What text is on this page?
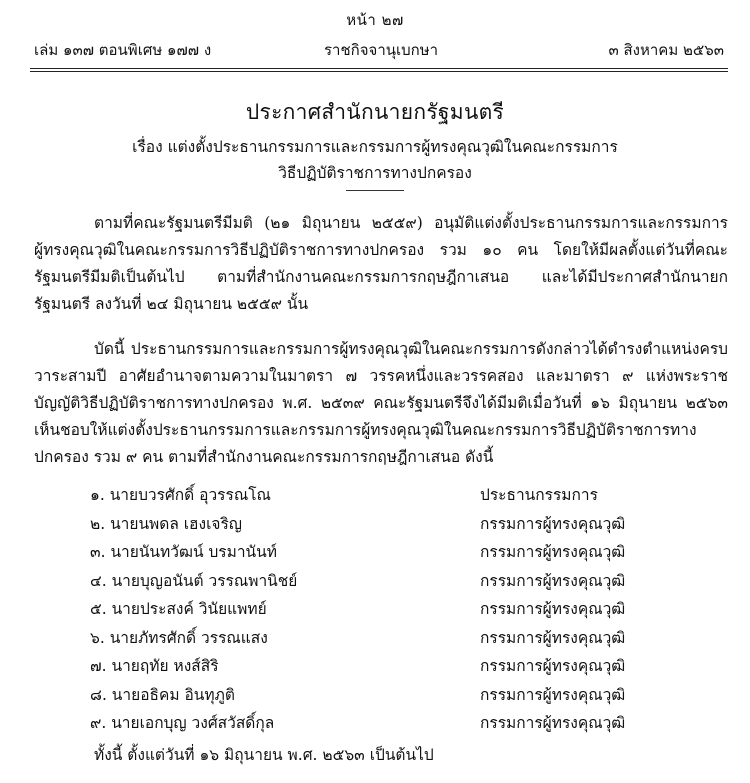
หน้า ๒๗
เล่ม ๑๓๗ ตอนพิเศษ ๑๗๗ ง	ราชกิจจานุเบกษา	๓ สิงหาคม ๒๕๖๓
ประกาศสำนักนายกรัฐมนตรี
เรื่อง แต่งตั้งประธานกรรมการและกรรมการผู้ทรงคุณวุฒิในคณะกรรมการ
วิธีปฏิบัติราชการทางปกครอง

ตามที่คณะรัฐมนตรีมีมติ (๒๑ มิถุนายน ๒๕๕๙) อนุมัติแต่งตั้งประธานกรรมการและกรรมการผู้ทรงคุณวุฒิในคณะกรรมการวิธีปฏิบัติราชการทางปกครอง รวม ๑๐ คน โดยให้มีผลตั้งแต่วันที่คณะรัฐมนตรีมีมติเป็นต้นไป ตามที่สำนักงานคณะกรรมการกฤษฎีกาเสนอ และได้มีประกาศสำนักนายกรัฐมนตรี ลงวันที่ ๒๔ มิถุนายน ๒๕๕๙ นั้น

บัดนี้ ประธานกรรมการและกรรมการผู้ทรงคุณวุฒิในคณะกรรมการดังกล่าวได้ดำรงตำแหน่งครบวาระสามปี อาศัยอำนาจตามความในมาตรา ๗ วรรคหนึ่งและวรรคสอง และมาตรา ๙ แห่งพระราชบัญญัติวิธีปฏิบัติราชการทางปกครอง พ.ศ. ๒๕๓๙ คณะรัฐมนตรีจึงได้มีมติเมื่อวันที่ ๑๖ มิถุนายน ๒๕๖๓ เห็นชอบให้แต่งตั้งประธานกรรมการและกรรมการผู้ทรงคุณวุฒิในคณะกรรมการวิธีปฏิบัติราชการทางปกครอง รวม ๙ คน ตามที่สำนักงานคณะกรรมการกฤษฎีกาเสนอ ดังนี้

๑. นายบวรศักดิ์ อุวรรณโณ	ประธานกรรมการ
๒. นายนพดล เฮงเจริญ	กรรมการผู้ทรงคุณวุฒิ
๓. นายนันทวัฒน์ บรมานันท์	กรรมการผู้ทรงคุณวุฒิ
๔. นายบุญอนันต์ วรรณพานิชย์	กรรมการผู้ทรงคุณวุฒิ
๕. นายประสงค์ วินัยแพทย์	กรรมการผู้ทรงคุณวุฒิ
๖. นายภัทรศักดิ์ วรรณแสง	กรรมการผู้ทรงคุณวุฒิ
๗. นายฤทัย หงส์สิริ	กรรมการผู้ทรงคุณวุฒิ
๘. นายอธิคม อินทุภูติ	กรรมการผู้ทรงคุณวุฒิ
๙. นายเอกบุญ วงศ์สวัสดิ์กุล	กรรมการผู้ทรงคุณวุฒิ
ทั้งนี้ ตั้งแต่วันที่ ๑๖ มิถุนายน พ.ศ. ๒๕๖๓ เป็นต้นไป
